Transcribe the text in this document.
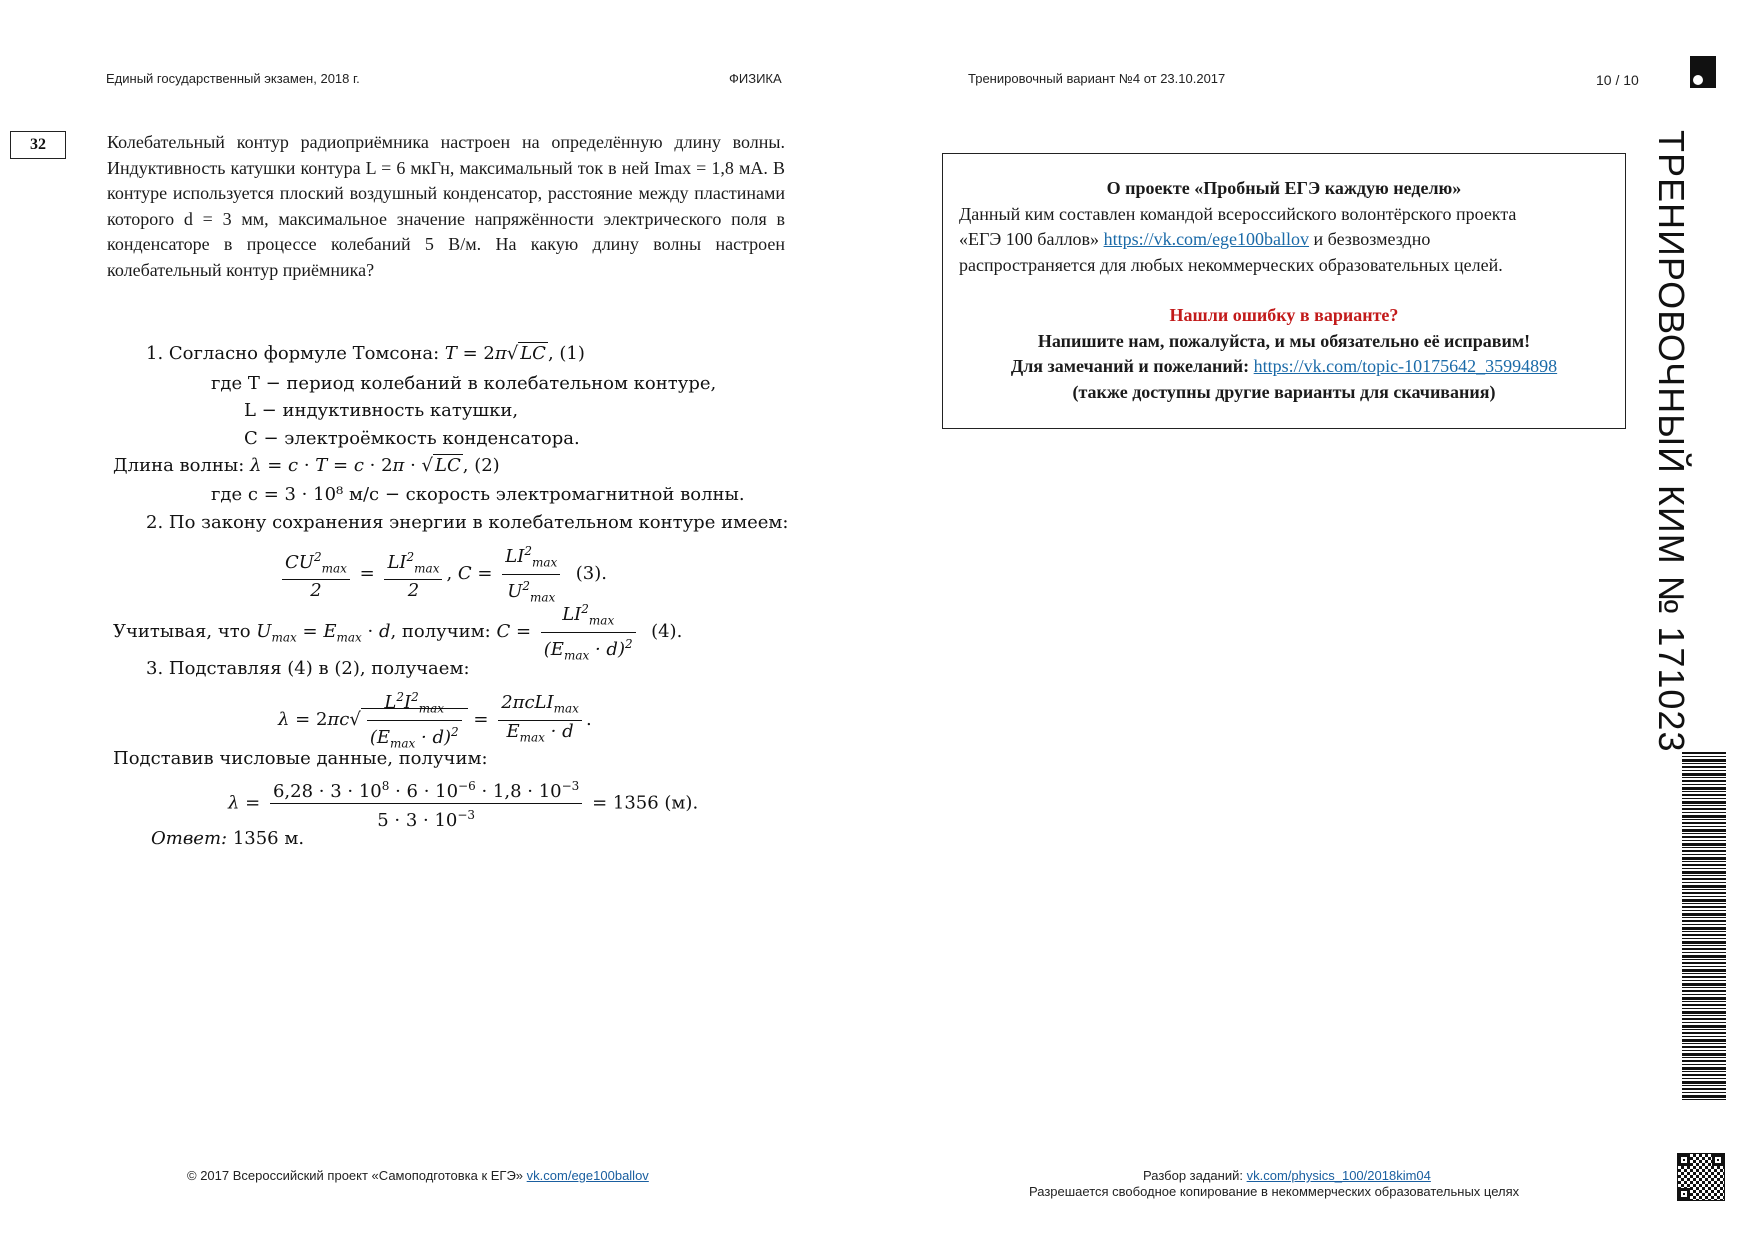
Единый государственный экзамен, 2018 г.	ФИЗИКА	Тренировочный вариант №4 от 23.10.2017	10 / 10
32	Колебательный контур радиоприёмника настроен на определённую длину волны. Индуктивность катушки контура L = 6 мкГн, максимальный ток в ней Imax = 1,8 мА. В контуре используется плоский воздушный конденсатор, расстояние между пластинами которого d = 3 мм, максимальное значение напряжённости электрического поля в конденсаторе в процессе колебаний 5 В/м. На какую длину волны настроен колебательный контур приёмника?
1. Согласно формуле Томсона: T = 2π√ LC , (1)
где T − период колебаний в колебательном контуре,
L − индуктивность катушки,
C − электроёмкость конденсатора.
Длина волны: λ = c · T = c · 2π · √ LC , (2)
где c = 3 · 10⁸ м/с − скорость электромагнитной волны.
2. По закону сохранения энергии в колебательном контуре имеем:
$\frac{CU^2_{max}}{2} = \frac{LI^2_{max}}{2}$ , $C = \frac{LI^2_{max}}{U^2_{max}} (3)$.
Учитывая, что $U_{max} = E_{max} \cdot d$, получим: $C = \frac{LI^2_{max}}{(E_{max} \cdot d)^2} (4)$.
3. Подставляя (4) в (2), получаем:
$\lambda = 2\pi c√ \frac{L^2I^2_{max}}{(E_{max} \cdot d)^2} = \frac{2\pi cLI_{max}}{E_{max} \cdot d}$ .
Подставив числовые данные, получим:
$\lambda = \frac{6,28 \cdot 3 \cdot 10^8 \cdot 6 \cdot 10^{-6} \cdot 1,8 \cdot 10^{-3}}{5 \cdot 3 \cdot 10^{-3}} = 1356$ (м).
Ответ: 1356 м.
О проекте «Пробный ЕГЭ каждую неделю»
Данный ким составлен командой всероссийского волонтёрского проекта
«ЕГЭ 100 баллов» https://vk.com/ege100ballov и безвозмездно
распространяется для любых некоммерческих образовательных целей.
Нашли ошибку в варианте?
Напишите нам, пожалуйста, и мы обязательно её исправим!
Для замечаний и пожеланий: https://vk.com/topic-10175642_35994898
(также доступны другие варианты для скачивания)	ТРЕНИРОВОЧНЫЙ КИМ № 171023
© 2017 Всероссийский проект «Самоподготовка к ЕГЭ» vk.com/ege100ballov	Разбор заданий: vk.com/physics_100/2018kim04
Разрешается свободное копирование в некоммерческих образовательных целях
